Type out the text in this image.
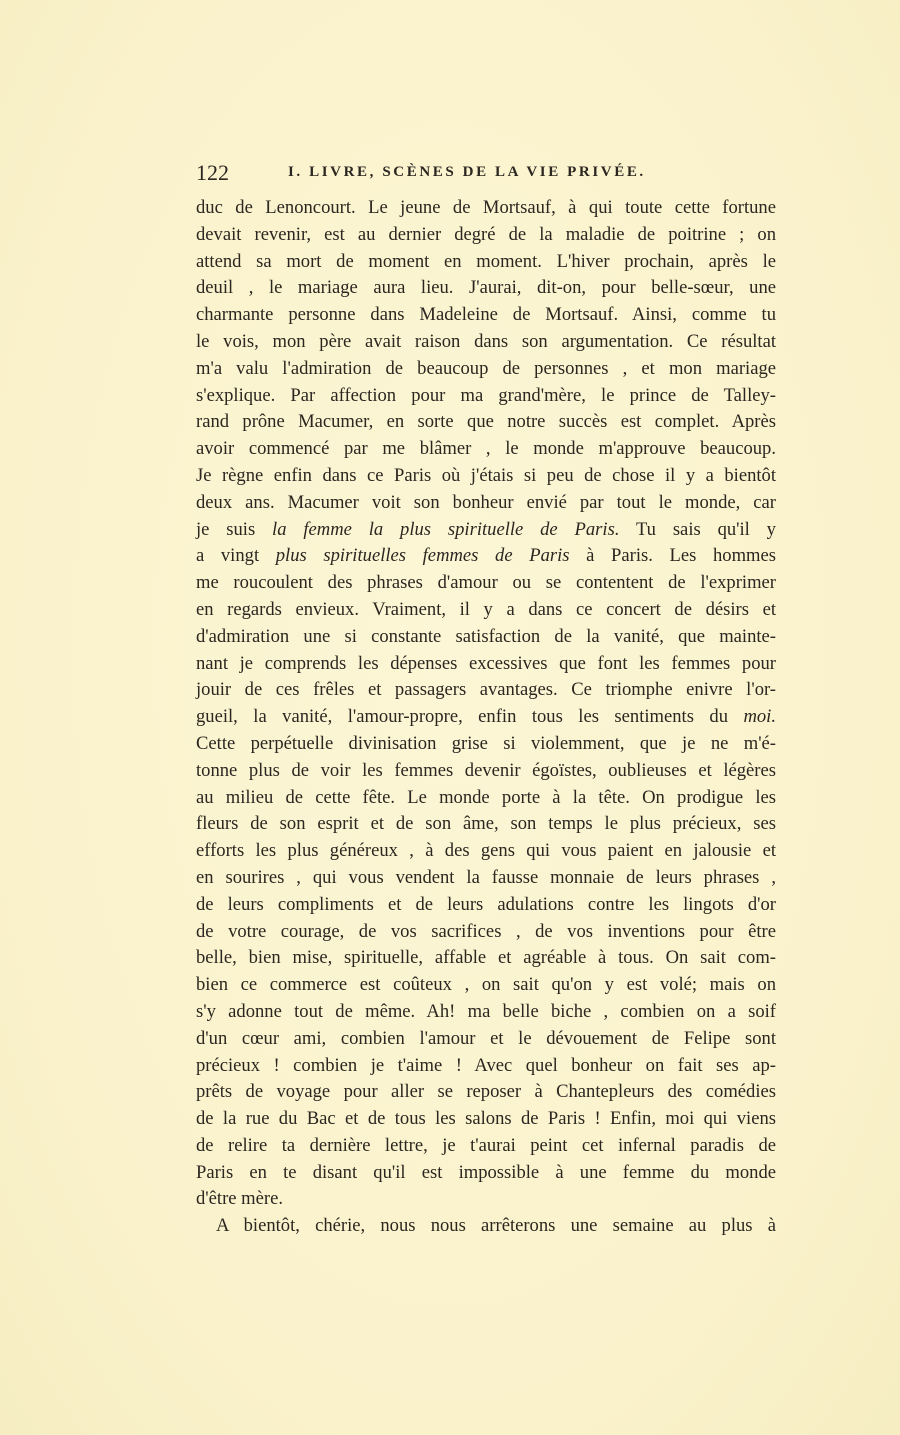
122	I. LIVRE, SCÈNES DE LA VIE PRIVÉE.
duc de Lenoncourt. Le jeune de Mortsauf, à qui toute cette fortune
devait revenir, est au dernier degré de la maladie de poitrine ; on
attend sa mort de moment en moment. L'hiver prochain, après le
deuil , le mariage aura lieu. J'aurai, dit-on, pour belle-sœur, une
charmante personne dans Madeleine de Mortsauf. Ainsi, comme tu
le vois, mon père avait raison dans son argumentation. Ce résultat
m'a valu l'admiration de beaucoup de personnes , et mon mariage
s'explique. Par affection pour ma grand'mère, le prince de Talley-
rand prône Macumer, en sorte que notre succès est complet. Après
avoir commencé par me blâmer , le monde m'approuve beaucoup.
Je règne enfin dans ce Paris où j'étais si peu de chose il y a bientôt
deux ans. Macumer voit son bonheur envié par tout le monde, car
je suis la femme la plus spirituelle de Paris. Tu sais qu'il y
a vingt plus spirituelles femmes de Paris à Paris. Les hommes
me roucoulent des phrases d'amour ou se contentent de l'exprimer
en regards envieux. Vraiment, il y a dans ce concert de désirs et
d'admiration une si constante satisfaction de la vanité, que mainte-
nant je comprends les dépenses excessives que font les femmes pour
jouir de ces frêles et passagers avantages. Ce triomphe enivre l'or-
gueil, la vanité, l'amour-propre, enfin tous les sentiments du moi.
Cette perpétuelle divinisation grise si violemment, que je ne m'é-
tonne plus de voir les femmes devenir égoïstes, oublieuses et légères
au milieu de cette fête. Le monde porte à la tête. On prodigue les
fleurs de son esprit et de son âme, son temps le plus précieux, ses
efforts les plus généreux , à des gens qui vous paient en jalousie et
en sourires , qui vous vendent la fausse monnaie de leurs phrases ,
de leurs compliments et de leurs adulations contre les lingots d'or
de votre courage, de vos sacrifices , de vos inventions pour être
belle, bien mise, spirituelle, affable et agréable à tous. On sait com-
bien ce commerce est coûteux , on sait qu'on y est volé; mais on
s'y adonne tout de même. Ah! ma belle biche , combien on a soif
d'un cœur ami, combien l'amour et le dévouement de Felipe sont
précieux ! combien je t'aime ! Avec quel bonheur on fait ses ap-
prêts de voyage pour aller se reposer à Chantepleurs des comédies
de la rue du Bac et de tous les salons de Paris ! Enfin, moi qui viens
de relire ta dernière lettre, je t'aurai peint cet infernal paradis de
Paris en te disant qu'il est impossible à une femme du monde
d'être mère.
A bientôt, chérie, nous nous arrêterons une semaine au plus à
